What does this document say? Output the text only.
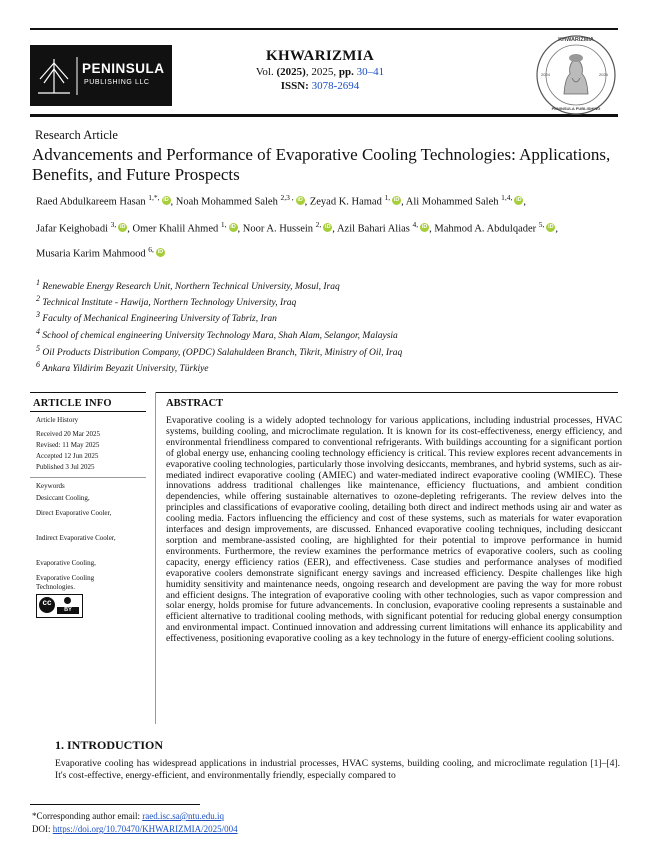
PENINSULA
PUBLISHING LLC
KHWARIZMIA
Vol. (2025), 2025, pp. 30–41
ISSN: 3078-2694
KHWARIZMIA
PENINSULA PUBLISHING
2024	2024
Research Article
Advancements and Performance of Evaporative Cooling Technologies: Applications, Benefits, and Future Prospects
Raed Abdulkareem Hasan $^{1,*,}$ iD , Noah Mohammed Saleh $^{2,3 ,}$ iD , Zeyad K. Hamad $^{1,}$ iD , Ali Mohammed Saleh $^{1,4,}$ iD ,
Jafar Keighobadi $^{3,}$ iD , Omer Khalil Ahmed $^{1,}$ iD , Noor A. Hussein $^{2,}$ iD , Azil Bahari Alias $^{4,}$ iD , Mahmod A. Abdulqader $^{5,}$ iD ,
Musaria Karim Mahmood $^{6,}$ iD
$^1$ Renewable Energy Research Unit, Northern Technical University, Mosul, Iraq
$^2$ Technical Institute - Hawija, Northern Technology University, Iraq
$^3$ Faculty of Mechanical Engineering University of Tabriz, Iran
$^4$ School of chemical engineering University Technology Mara, Shah Alam, Selangor, Malaysia
$^5$ Oil Products Distribution Company, (OPDC) Salahuldeen Branch, Tikrit, Ministry of Oil, Iraq
$^6$ Ankara Yildirim Beyazit University, Türkiye
ARTICLE INFO
Article History
Received 20 Mar 2025
Revised: 11 May 2025
Accepted 12 Jun 2025
Published 3 Jul 2025
Keywords
Desiccant Cooling,
Direct Evaporative Cooler,
Indirect Evaporative Cooler,
Evaporative Cooling,
Evaporative Cooling Technologies.
cc
BY
ABSTRACT
Evaporative cooling is a widely adopted technology for various applications, including industrial processes, HVAC systems, building cooling, and microclimate regulation. It is known for its cost-effectiveness, energy efficiency, and environmental friendliness compared to conventional refrigerants. With buildings accounting for a significant portion of global energy use, enhancing cooling technology efficiency is critical. This review explores recent advancements in evaporative cooling technologies, particularly those involving desiccants, membranes, and hybrid systems, such as air-mediated indirect evaporative cooling (AMIEC) and water-mediated indirect evaporative cooling (WMIEC). These innovations address traditional challenges like maintenance, efficiency fluctuations, and ambient condition dependencies, while offering sustainable alternatives to ozone-depleting refrigerants. The review delves into the principles and classifications of evaporative cooling, detailing both direct and indirect methods using air and water as cooling media. Factors influencing the efficiency and cost of these systems, such as materials for water evaporation interfaces and design improvements, are discussed. Enhanced evaporative cooling techniques, including desiccant sorption and membrane-assisted cooling, are highlighted for their potential to improve performance in humid environments. Furthermore, the review examines the performance metrics of evaporative coolers, such as cooling capacity, energy efficiency ratios (EER), and effectiveness. Case studies and performance analyses of modified evaporative coolers demonstrate significant energy savings and increased efficiency. Despite challenges like high humidity sensitivity and maintenance needs, ongoing research and development are paving the way for more robust and efficient designs. The integration of evaporative cooling with other technologies, such as vapor compression and solar energy, holds promise for future advancements. In conclusion, evaporative cooling represents a sustainable and efficient alternative to traditional cooling methods, with significant potential for reducing global energy consumption and environmental impact. Continued innovation and addressing current limitations will enhance its applicability and effectiveness, positioning evaporative cooling as a key technology in the future of energy-efficient cooling solutions.
1. INTRODUCTION
Evaporative cooling has widespread applications in industrial processes, HVAC systems, building cooling, and microclimate regulation [1]–[4]. It's cost-effective, energy-efficient, and environmentally friendly, especially compared to
*Corresponding author email: raed.isc.sa@ntu.edu.iq
DOI: https://doi.org/10.70470/KHWARIZMIA/2025/004
